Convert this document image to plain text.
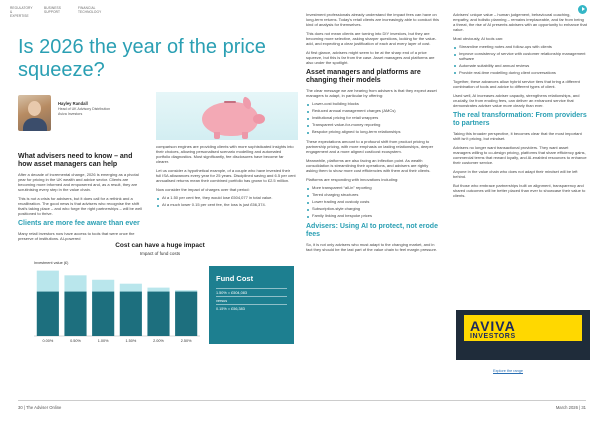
REGULATORY & EXPERTISE
BUSINESS SUPPORT
FINANCIAL TECHNOLOGY
Is 2026 the year of the price squeeze?
Hayley Randall
Head of UK Advisory Distribution
Aviva Investors
What advisers need to know – and how asset managers can help

After a decade of incremental change, 2026 is emerging as a pivotal year for pricing in the UK wealth and advice sector. Clients are becoming more informed and empowered and, as a result, they are scrutinising every step in the value chain.

This is not a crisis for advisers, but it does call for a rethink and a recalibration. The good news is that advisers who recognise the shift that's taking place – and who forge the right partnerships – will be well positioned to thrive.

Clients are more fee aware than ever

Many retail investors now have access to tools that were once the preserve of institutions. AI-powered

comparison engines are providing clients with more sophisticated insights into their choices, allowing personalised scenario modelling and automated portfolio diagnostics. Most significantly, fee disclosures have become far clearer.

Let us consider a hypothetical example, of a couple who have invested their full ISA allowances every year for 25 years. Disciplined saving and 6.5 per cent annualised returns mean their combined portfolio has grown to £2.5 million.

Now consider the impact of charges over that period:

At a 1.50 per cent fee, they would lose £504,077 in total value.
At a much lower 0.15 per cent fee, the loss is just £56,374.
Cost can have a huge impact
Impact of fund costs
Investment value (£)
0.00%	0.50%	1.00%	1.50%	2.00%	2.50%
Fund Cost
1.50% = £504,083
versus
0.15% = £56,383

Investment professionals already understand the impact fees can have on long-term returns. Today's retail clients are increasingly able to conduct this kind of analysis for themselves.

This does not mean clients are turning into DIY investors, but they are becoming more selective, asking sharper questions, looking for the value-add, and expecting a clear justification of each and every layer of cost.

At first glance, advisers might seem to be at the sharp end of a price squeeze, but this is far from the case. Asset managers and platforms are also under the spotlight.

Asset managers and platforms are changing their models

The clear message we are hearing from advisers is that they expect asset managers to adapt, in particular by offering:

Lower-cost building blocks
Reduced annual management charges (AMCs)
Institutional pricing for retail wrappers
Transparent value-for-money reporting
Bespoke pricing aligned to long-term relationships

These expectations amount to a profound shift from product pricing to partnership pricing, with more emphasis on lasting relationships, deeper engagement and a more aligned cost/cost ecosystem.

Meanwhile, platforms are also facing an inflection point. As wealth consolidation is streamlining their operations, and advisers are rightly asking them to show more cost efficiencies with them and their clients.

Platforms are responding with innovations including:

More transparent “all-in” reporting
Tiered charging structures
Lower trading and custody costs
Subscription-style charging
Family linking and bespoke prices
Advisers: Using AI to protect, not erode fees

So, it is not only advisers who must adapt to the changing market, and in fact they should be the last part of the value chain to feel margin pressure.

Advisers' unique value – human judgement, behavioural coaching, empathy, and holistic planning – remains irreplaceable, and far from being a threat, the rise of AI presents advisers with an opportunity to enhance that value.

Most obviously, AI tools can:

Streamline meeting notes and follow-ups with clients
Improve consistency of service with customer relationship management software
Automate suitability and annual reviews
Provide real-time modelling during client conversations

Together, these advances allow hybrid service tiers that bring a different combination of tools and advice to different types of client.

Used well, AI increases adviser capacity, strengthens relationships, and crucially, far from eroding fees, can deliver an enhanced service that demonstrates adviser value more clearly than ever.

The real transformation: From providers to partners

Taking this broader perspective, it becomes clear that the most important shift isn't pricing, but mindset.

Advisers no longer want transactional providers. They want asset managers willing to co-design pricing, platforms that share efficiency gains, commercial terms that reward loyalty, and AI-enabled resources to enhance their customer service.

Anyone in the value chain who does not adapt their mindset will be left behind.

But those who embrace partnerships built on alignment, transparency and shared outcomes will be better placed than ever to showcase their value to clients.

AVIVA
INVESTORS
Explore the range
30 | The Adviser Online	March 2026 | 31
